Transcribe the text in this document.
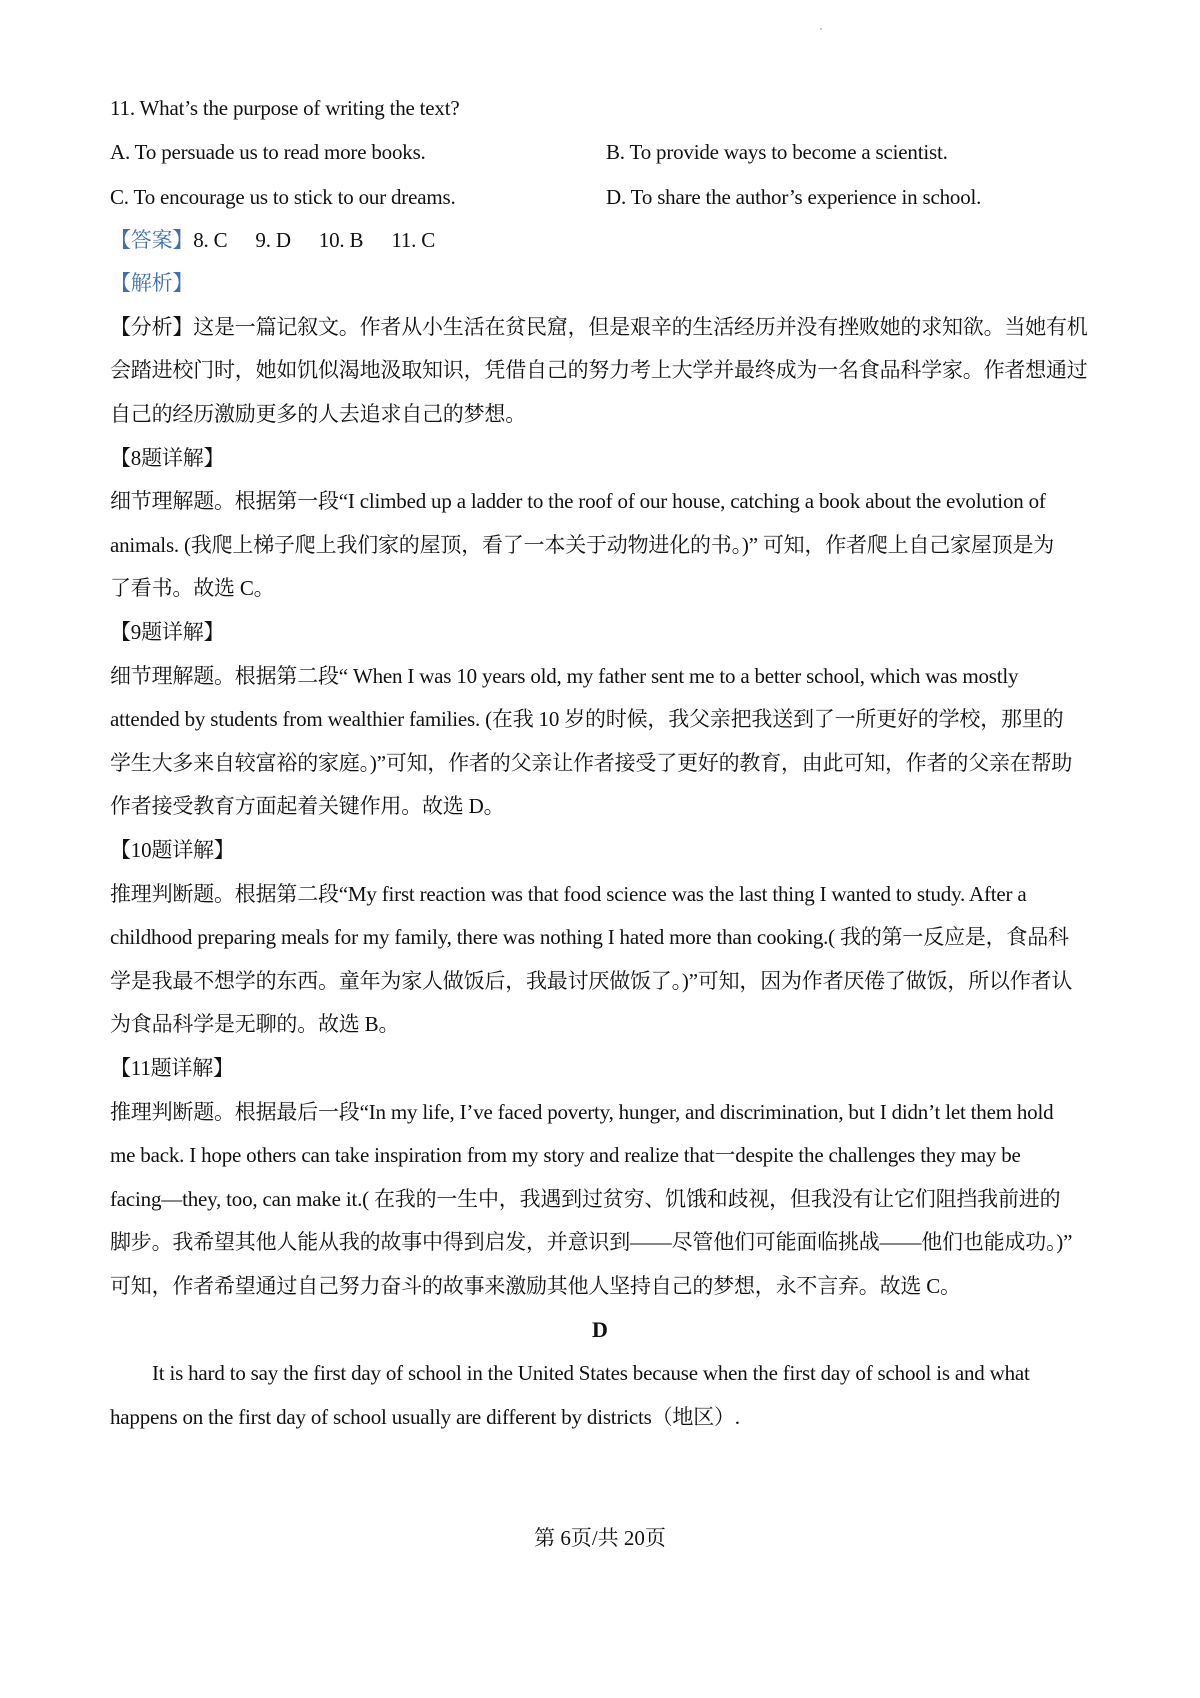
11. What’s the purpose of writing the text?
A. To persuade us to read more books.	B. To provide ways to become a scientist.
C. To encourage us to stick to our dreams.	D. To share the author’s experience in school.
【答案】8. C 9. D 10. B 11. C
【解析】
【分析】这是一篇记叙文。作者从小生活在贫民窟，但是艰辛的生活经历并没有挫败她的求知欲。当她有机
会踏进校门时，她如饥似渴地汲取知识，凭借自己的努力考上大学并最终成为一名食品科学家。作者想通过
自己的经历激励更多的人去追求自己的梦想。
【8题详解】
细节理解题。根据第一段“I climbed up a ladder to the roof of our house, catching a book about the evolution of
animals. (我爬上梯子爬上我们家的屋顶，看了一本关于动物进化的书。)” 可知，作者爬上自己家屋顶是为
了看书。故选 C。
【9题详解】
细节理解题。根据第二段“ When I was 10 years old, my father sent me to a better school, which was mostly
attended by students from wealthier families. (在我 10 岁的时候，我父亲把我送到了一所更好的学校，那里的
学生大多来自较富裕的家庭。)”可知，作者的父亲让作者接受了更好的教育，由此可知，作者的父亲在帮助
作者接受教育方面起着关键作用。故选 D。
【10题详解】
推理判断题。根据第二段“My first reaction was that food science was the last thing I wanted to study. After a
childhood preparing meals for my family, there was nothing I hated more than cooking.( 我的第一反应是，食品科
学是我最不想学的东西。童年为家人做饭后，我最讨厌做饭了。)”可知，因为作者厌倦了做饭，所以作者认
为食品科学是无聊的。故选 B。
【11题详解】
推理判断题。根据最后一段“In my life, I’ve faced poverty, hunger, and discrimination, but I didn’t let them hold
me back. I hope others can take inspiration from my story and realize that一despite the challenges they may be
facing—they, too, can make it.( 在我的一生中，我遇到过贫穷、饥饿和歧视，但我没有让它们阻挡我前进的
脚步。我希望其他人能从我的故事中得到启发，并意识到——尽管他们可能面临挑战——他们也能成功。)”
可知，作者希望通过自己努力奋斗的故事来激励其他人坚持自己的梦想，永不言弃。故选 C。
D
It is hard to say the first day of school in the United States because when the first day of school is and what
happens on the first day of school usually are different by districts（地区）.
第 6页/共 20页
